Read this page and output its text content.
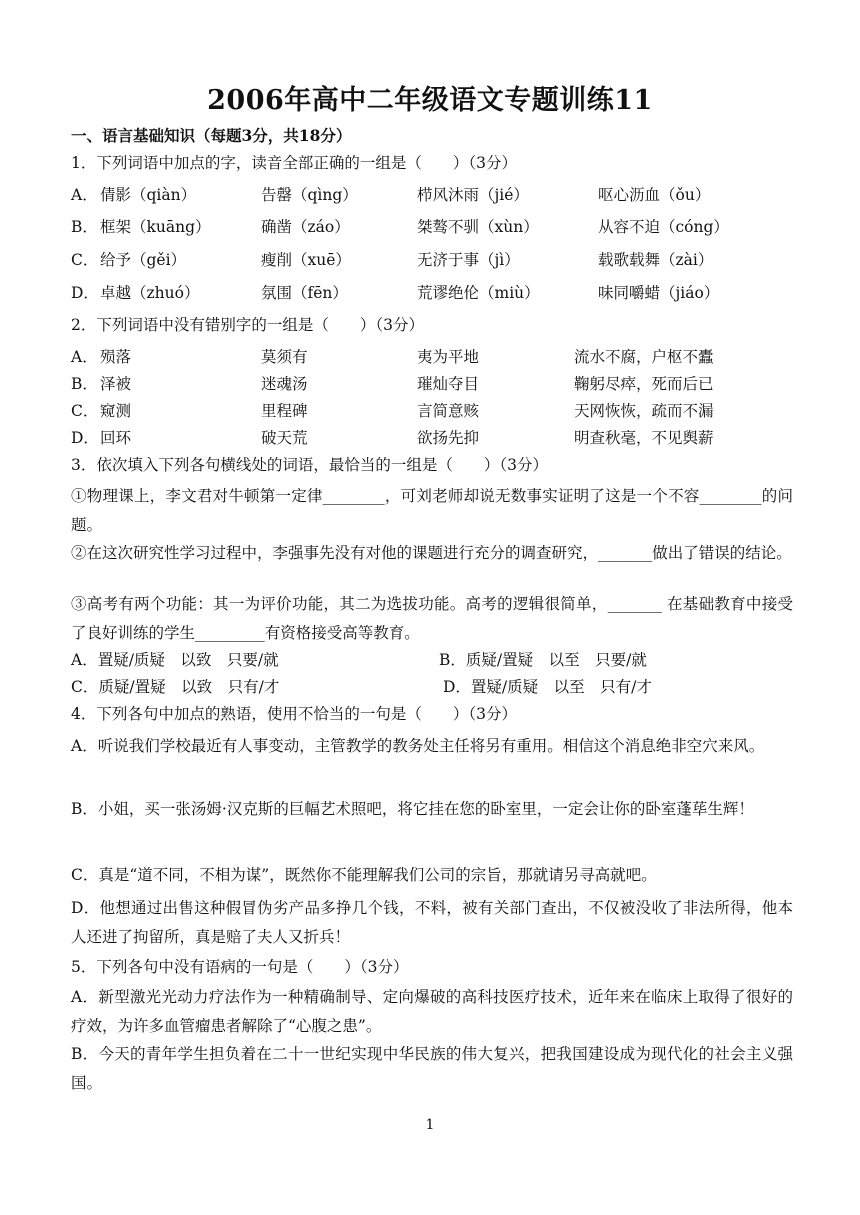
2006年高中二年级语文专题训练11
一、语言基础知识（每题3分，共18分）
1．下列词语中加点的字，读音全部正确的一组是（　　）（3分）
A． 倩影（qiàn）	告罄（qìng）	栉风沐雨（jié）	呕心沥血（ǒu）
B． 框架（kuāng）	确凿（záo）	桀骜不驯（xùn）	从容不迫（cóng）
C． 给予（gěi）	瘦削（xuē）	无济于事（jì）	载歌载舞（zài）
D． 卓越（zhuó）	氛围（fēn）	荒谬绝伦（miù）	味同嚼蜡（jiáo）
2．下列词语中没有错别字的一组是（　　）（3分）
A． 殒落	莫须有	夷为平地	流水不腐，户枢不蠹
B． 泽被	迷魂汤	璀灿夺目	鞠躬尽瘁，死而后已
C． 窥测	里程碑	言简意赅	天网恢恢，疏而不漏
D． 回环	破天荒	欲扬先抑	明查秋毫，不见舆薪
3．依次填入下列各句横线处的词语，最恰当的一组是（　　）（3分）
①物理课上，李文君对牛顿第一定律________，可刘老师却说无数事实证明了这是一个不容________的问题。
②在这次研究性学习过程中，李强事先没有对他的课题进行充分的调查研究，_______做出了错误的结论。
③高考有两个功能：其一为评价功能，其二为选拔功能。高考的逻辑很简单，_______ 在基础教育中接受了良好训练的学生_________有资格接受高等教育。
A．置疑/质疑　以致　只要/就	B．质疑/置疑　以至　只要/就
C．质疑/置疑　以致　只有/才	D．置疑/质疑　以至　只有/才
4．下列各句中加点的熟语，使用不恰当的一句是（　　）（3分）
A．听说我们学校最近有人事变动，主管教学的教务处主任将另有重用。相信这个消息绝非空穴来风。
B．小姐，买一张汤姆·汉克斯的巨幅艺术照吧，将它挂在您的卧室里，一定会让你的卧室蓬荜生辉！
C．真是“道不同，不相为谋”，既然你不能理解我们公司的宗旨，那就请另寻高就吧。
D．他想通过出售这种假冒伪劣产品多挣几个钱，不料，被有关部门查出，不仅被没收了非法所得，他本人还进了拘留所，真是赔了夫人又折兵！
5．下列各句中没有语病的一句是（　　）（3分）
A．新型激光光动力疗法作为一种精确制导、定向爆破的高科技医疗技术，近年来在临床上取得了很好的疗效，为许多血管瘤患者解除了“心腹之患”。
B．今天的青年学生担负着在二十一世纪实现中华民族的伟大复兴，把我国建设成为现代化的社会主义强国。
1
